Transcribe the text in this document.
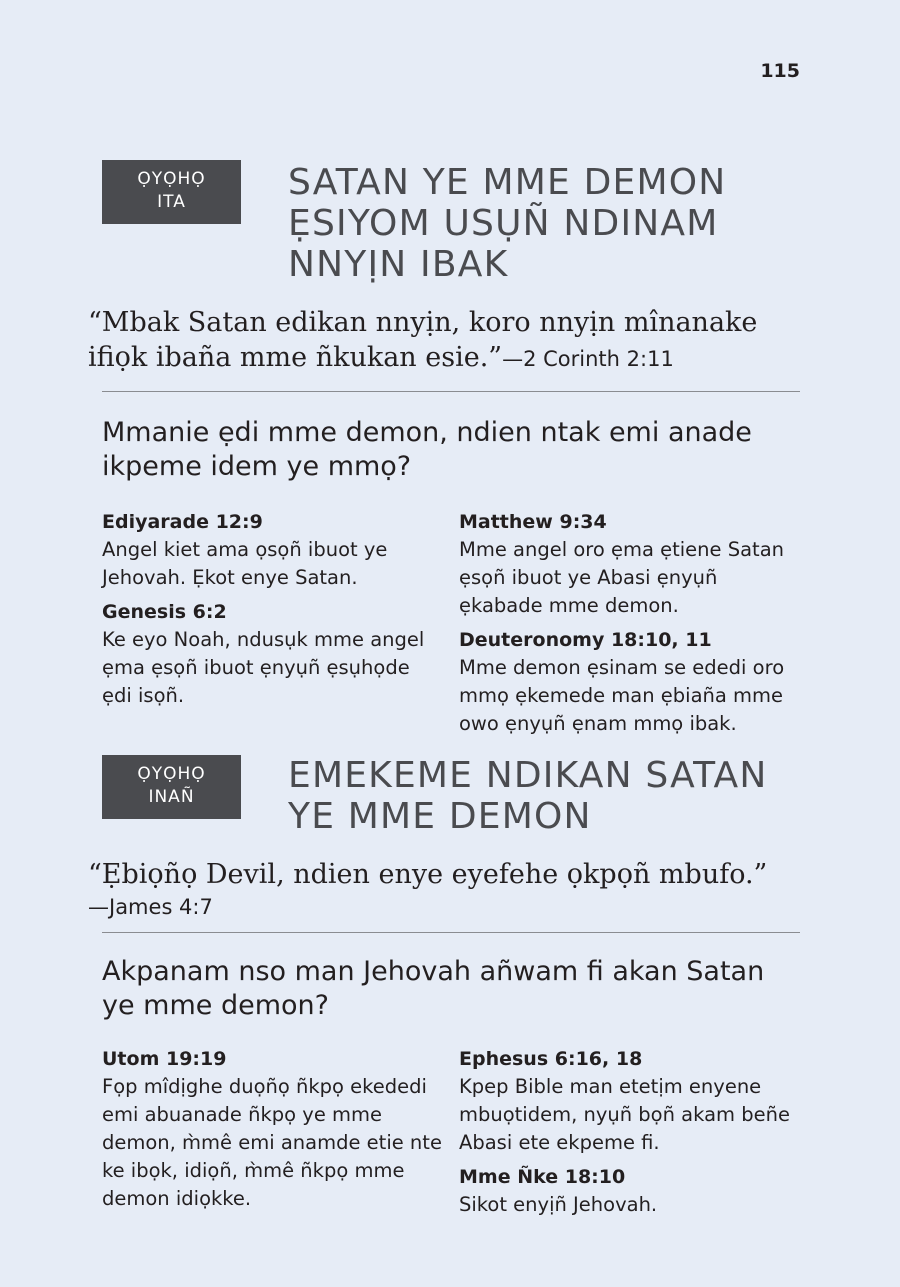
115
ỌYỌHỌ
ITA	SATAN YE MME DEMON
ẸSIYOM USỤÑ NDINAM
NNYỊN IBAK
“Mbak Satan edikan nnyịn, koro nnyịn mînanake ifiọk ibaña mme ñkukan esie.”—2 Corinth 2:11

Mmanie ẹdi mme demon, ndien ntak emi anade ikpeme idem ye mmọ?

Ediyarade 12:9
Angel kiet ama ọsọñ ibuot ye Jehovah. Ẹkot enye Satan.
Genesis 6:2
Ke eyo Noah, ndusụk mme angel ẹma ẹsọñ ibuot ẹnyụñ ẹsụhọde ẹdi isọñ.
Matthew 9:34
Mme angel oro ẹma ẹtiene Satan ẹsọñ ibuot ye Abasi ẹnyụñ ẹkabade mme demon.
Deuteronomy 18:10, 11
Mme demon ẹsinam se ededi oro mmọ ẹkemede man ẹbiaña mme owo ẹnyụñ ẹnam mmọ ibak.
ỌYỌHỌ
INAÑ
EMEKEME NDIKAN SATAN
YE MME DEMON
“Ẹbiọñọ Devil, ndien enye eyefehe ọkpọñ mbufo.”
—James 4:7

Akpanam nso man Jehovah añwam fi akan Satan ye mme demon?

Utom 19:19
Fọp mîdịghe duọñọ ñkpọ ekededi emi abuanade ñkpọ ye mme demon, m̀mê emi anamde etie nte ke ibọk, idiọñ, m̀mê ñkpọ mme demon idiọkke.
Ephesus 6:16, 18
Kpep Bible man etetịm enyene mbuọtidem, nyụñ bọñ akam beñe Abasi ete ekpeme fi.
Mme Ñke 18:10
Sikot enyịñ Jehovah.
